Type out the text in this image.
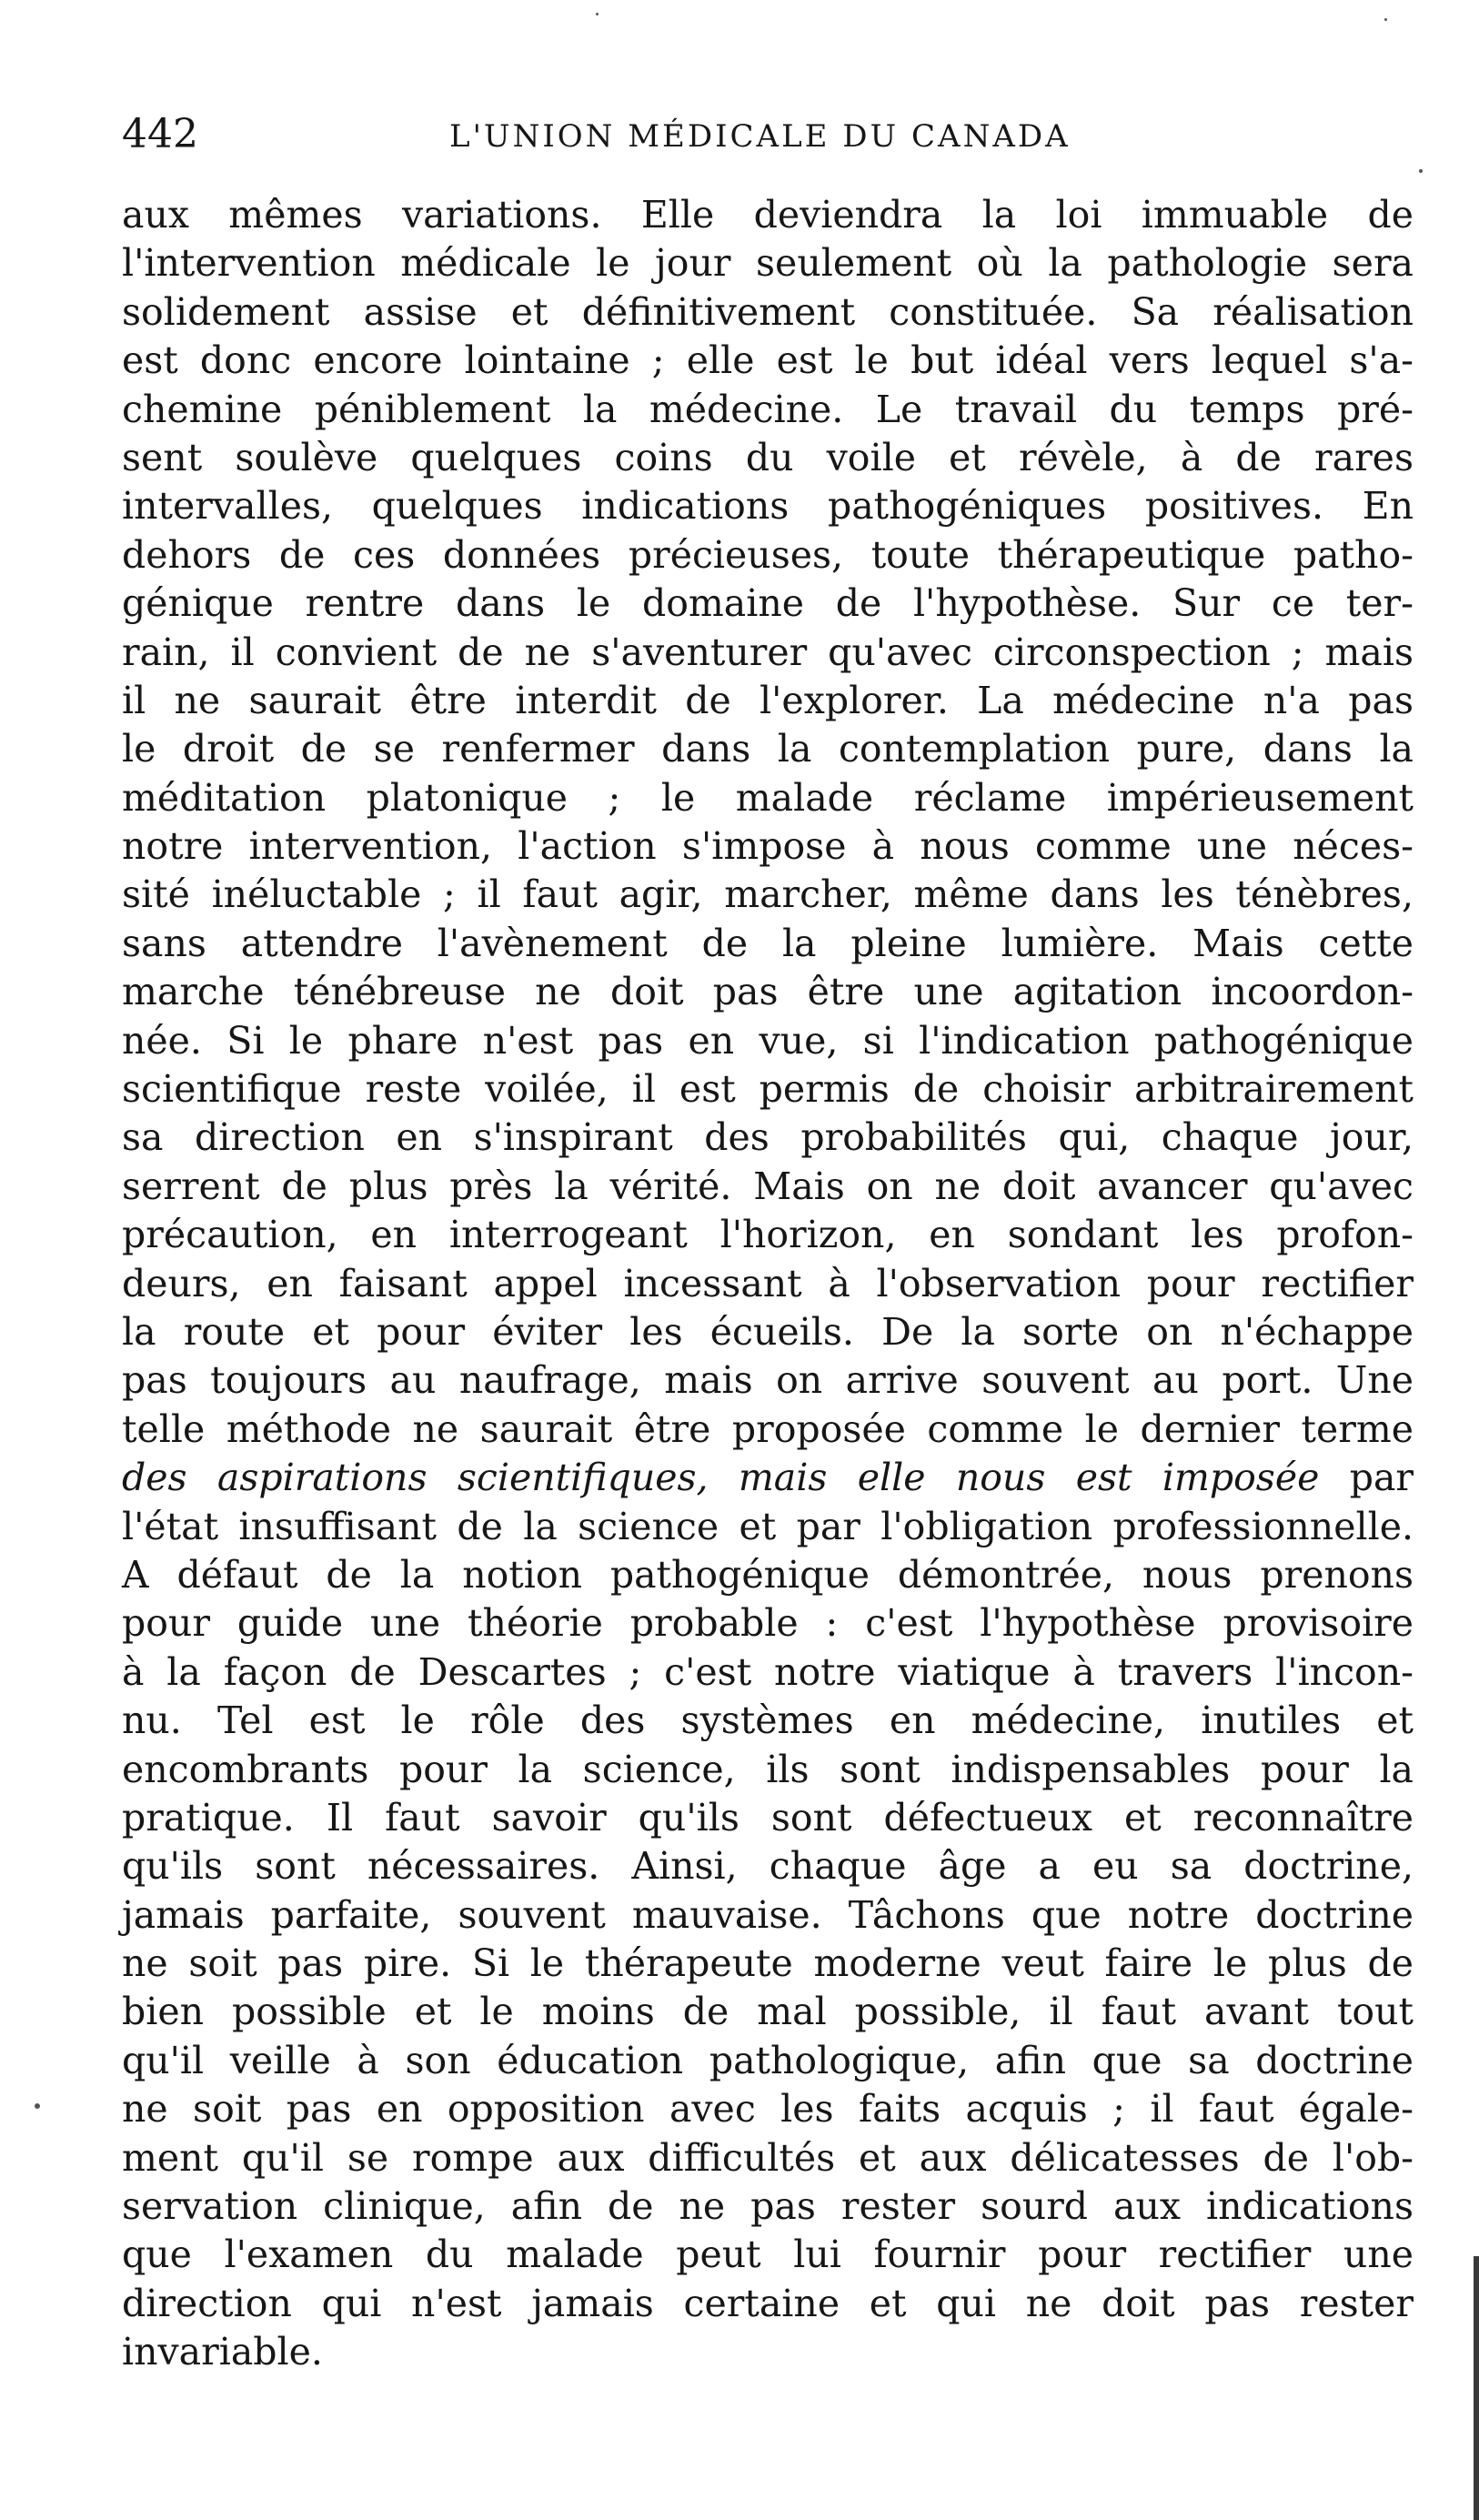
442	L'UNION MÉDICALE DU CANADA
aux mêmes variations. Elle deviendra la loi immuable de
l'intervention médicale le jour seulement où la pathologie sera
solidement assise et définitivement constituée. Sa réalisation
est donc encore lointaine ; elle est le but idéal vers lequel s'a-
chemine péniblement la médecine. Le travail du temps pré-
sent soulève quelques coins du voile et révèle, à de rares
intervalles, quelques indications pathogéniques positives. En
dehors de ces données précieuses, toute thérapeutique patho-
génique rentre dans le domaine de l'hypothèse. Sur ce ter-
rain, il convient de ne s'aventurer qu'avec circonspection ; mais
il ne saurait être interdit de l'explorer. La médecine n'a pas
le droit de se renfermer dans la contemplation pure, dans la
méditation platonique ; le malade réclame impérieusement
notre intervention, l'action s'impose à nous comme une néces-
sité inéluctable ; il faut agir, marcher, même dans les ténèbres,
sans attendre l'avènement de la pleine lumière. Mais cette
marche ténébreuse ne doit pas être une agitation incoordon-
née. Si le phare n'est pas en vue, si l'indication pathogénique
scientifique reste voilée, il est permis de choisir arbitrairement
sa direction en s'inspirant des probabilités qui, chaque jour,
serrent de plus près la vérité. Mais on ne doit avancer qu'avec
précaution, en interrogeant l'horizon, en sondant les profon-
deurs, en faisant appel incessant à l'observation pour rectifier
la route et pour éviter les écueils. De la sorte on n'échappe
pas toujours au naufrage, mais on arrive souvent au port. Une
telle méthode ne saurait être proposée comme le dernier terme
des aspirations scientifiques, mais elle nous est imposée par
l'état insuffisant de la science et par l'obligation professionnelle.
A défaut de la notion pathogénique démontrée, nous prenons
pour guide une théorie probable : c'est l'hypothèse provisoire
à la façon de Descartes ; c'est notre viatique à travers l'incon-
nu. Tel est le rôle des systèmes en médecine, inutiles et
encombrants pour la science, ils sont indispensables pour la
pratique. Il faut savoir qu'ils sont défectueux et reconnaître
qu'ils sont nécessaires. Ainsi, chaque âge a eu sa doctrine,
jamais parfaite, souvent mauvaise. Tâchons que notre doctrine
ne soit pas pire. Si le thérapeute moderne veut faire le plus de
bien possible et le moins de mal possible, il faut avant tout
qu'il veille à son éducation pathologique, afin que sa doctrine
ne soit pas en opposition avec les faits acquis ; il faut égale-
ment qu'il se rompe aux difficultés et aux délicatesses de l'ob-
servation clinique, afin de ne pas rester sourd aux indications
que l'examen du malade peut lui fournir pour rectifier une
direction qui n'est jamais certaine et qui ne doit pas rester
invariable.
